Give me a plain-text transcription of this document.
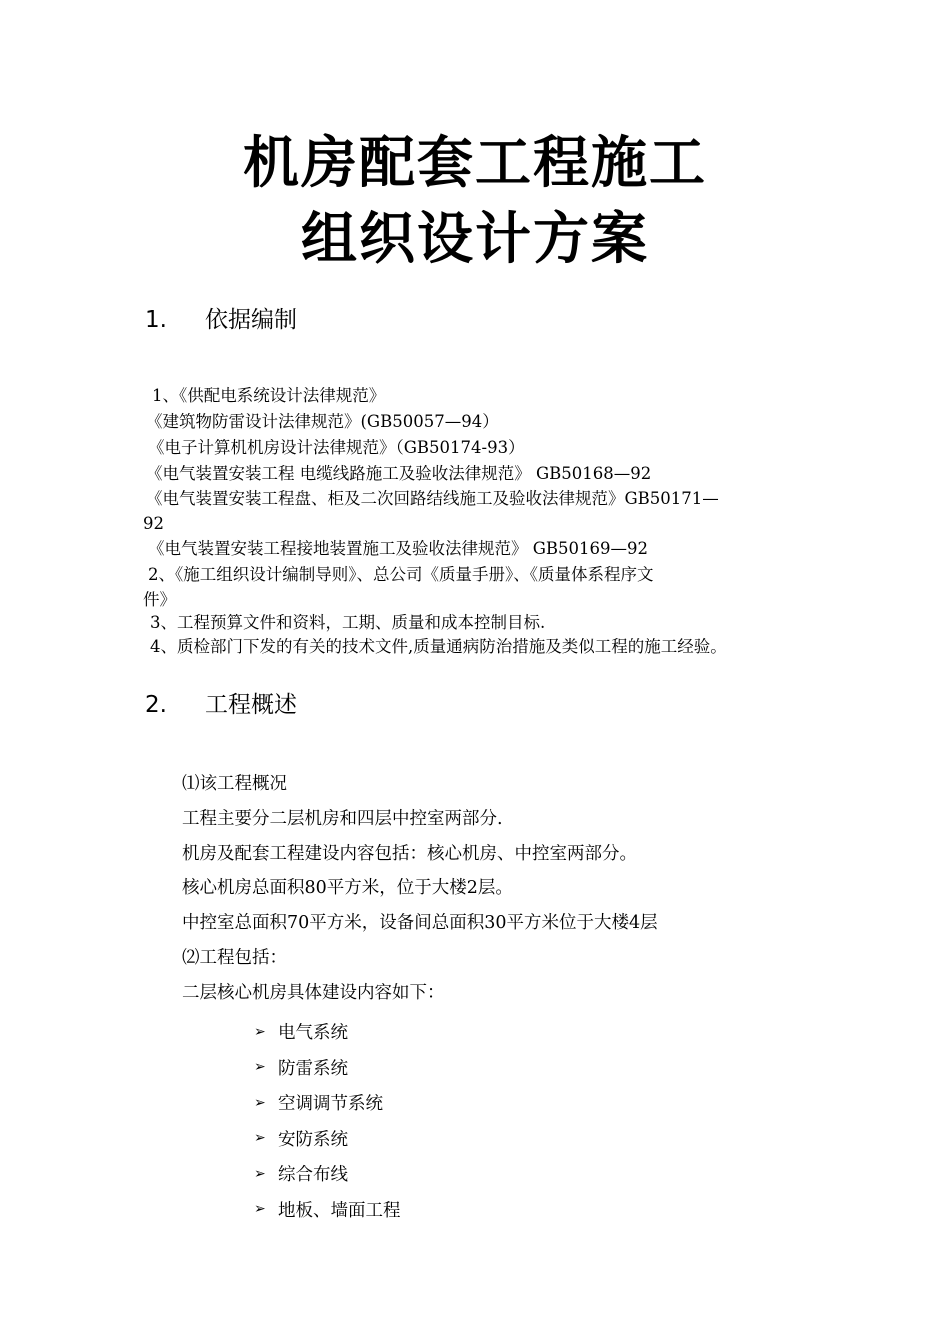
机房配套工程施工
组织设计方案
1.	依据编制
1、《供配电系统设计法律规范》
《建筑物防雷设计法律规范》(GB50057—94）
《电子计算机机房设计法律规范》（GB50174-93）
《电气装置安装工程 电缆线路施工及验收法律规范》 GB50168—92
《电气装置安装工程盘、柜及二次回路结线施工及验收法律规范》GB50171—
92
《电气装置安装工程接地装置施工及验收法律规范》 GB50169—92
2、《施工组织设计编制导则》、总公司《质量手册》、《质量体系程序文
件》
3、工程预算文件和资料，工期、质量和成本控制目标.
4、质检部门下发的有关的技术文件,质量通病防治措施及类似工程的施工经验。
2.	工程概述
⑴该工程概况
工程主要分二层机房和四层中控室两部分.
机房及配套工程建设内容包括：核心机房、中控室两部分。
核心机房总面积80平方米，位于大楼2层。
中控室总面积70平方米，设备间总面积30平方米位于大楼4层
⑵工程包括：
二层核心机房具体建设内容如下：
➢ 电气系统
➢ 防雷系统
➢ 空调调节系统
➢ 安防系统
➢ 综合布线
➢ 地板、墙面工程
